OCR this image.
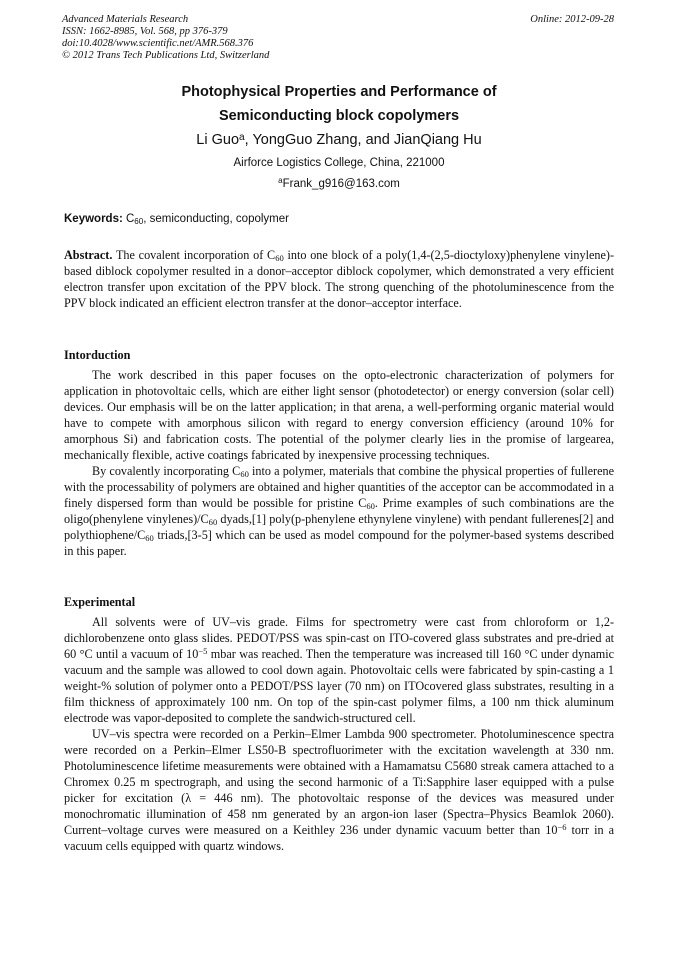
Advanced Materials Research
ISSN: 1662-8985, Vol. 568, pp 376-379
doi:10.4028/www.scientific.net/AMR.568.376
© 2012 Trans Tech Publications Ltd, Switzerland
Online: 2012-09-28
Photophysical Properties and Performance of
Semiconducting block copolymers
Li Guo$^a$, YongGuo Zhang, and JianQiang Hu
Airforce Logistics College, China, 221000
$^a$Frank_g916@163.com
Keywords: $C_{60}$, semiconducting, copolymer

Abstract. The covalent incorporation of $C_{60}$ into one block of a poly(1,4-(2,5-dioctyloxy)phenylene vinylene)-based diblock copolymer resulted in a donor–acceptor diblock copolymer, which demonstrated a very efficient electron transfer upon excitation of the PPV block. The strong quenching of the photoluminescence from the PPV block indicated an efficient electron transfer at the donor–acceptor interface.

Intorduction

The work described in this paper focuses on the opto-electronic characterization of polymers for application in photovoltaic cells, which are either light sensor (photodetector) or energy conversion (solar cell) devices. Our emphasis will be on the latter application; in that arena, a well-performing organic material would have to compete with amorphous silicon with regard to energy conversion efficiency (around 10% for amorphous Si) and fabrication costs. The potential of the polymer clearly lies in the promise of largearea, mechanically flexible, active coatings fabricated by inexpensive processing techniques.

By covalently incorporating $C_{60}$ into a polymer, materials that combine the physical properties of fullerene with the processability of polymers are obtained and higher quantities of the acceptor can be accommodated in a finely dispersed form than would be possible for pristine $C_{60}$. Prime examples of such combinations are the oligo(phenylene $vinylenes)/C_{60}$ dyads,[1] poly(p-phenylene ethynylene vinylene) with pendant fullerenes[2] and polythiophene/$C_{60}$ triads,[3-5] which can be used as model compound for the polymer-based systems described in this paper.

Experimental

All solvents were of UV–vis grade. Films for spectrometry were cast from chloroform or 1,2-dichlorobenzene onto glass slides. PEDOT/PSS was spin-cast on ITO-covered glass substrates and pre-dried at 60 °C until a vacuum of $10^{-5}$ mbar was reached. Then the temperature was increased till 160 °C under dynamic vacuum and the sample was allowed to cool down again. Photovoltaic cells were fabricated by spin-casting a 1 weight-% solution of polymer onto a PEDOT/PSS layer (70 nm) on ITOcovered glass substrates, resulting in a film thickness of approximately 100 nm. On top of the spin-cast polymer films, a 100 nm thick aluminum electrode was vapor-deposited to complete the sandwich-structured cell.

UV–vis spectra were recorded on a Perkin–Elmer Lambda 900 spectrometer. Photoluminescence spectra were recorded on a Perkin–Elmer LS50-B spectrofluorimeter with the excitation wavelength at 330 nm. Photoluminescence lifetime measurements were obtained with a Hamamatsu C5680 streak camera attached to a Chromex 0.25 m spectrograph, and using the second harmonic of a Ti:Sapphire laser equipped with a pulse picker for excitation (λ = 446 nm). The photovoltaic response of the devices was measured under monochromatic illumination of 458 nm generated by an argon-ion laser (Spectra–Physics Beamlok 2060). Current–voltage curves were measured on a Keithley 236 under dynamic vacuum better than $10^{-6}$ torr in a vacuum cells equipped with quartz windows.
